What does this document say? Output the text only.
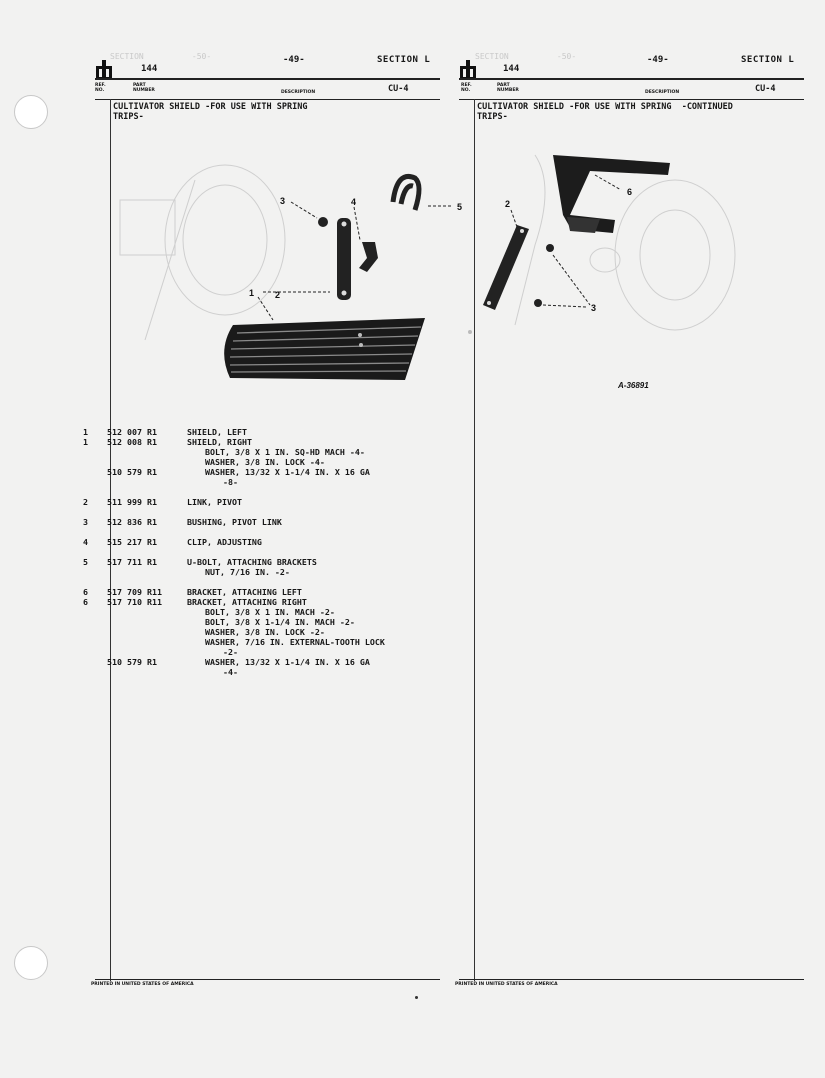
SECTION          -50-	SECTION          -50-
144
-49-	SECTION L
REF.
NO.
PART
NUMBER	DESCRIPTION	CU-4
CULTIVATOR SHIELD -FOR USE WITH SPRING
TRIPS-
1 512 007 R1	SHIELD, LEFT
1 512 008 R1	SHIELD, RIGHT
BOLT, 3/8 X 1 IN. SQ-HD MACH -4-
WASHER, 3/8 IN. LOCK -4-
510 579 R1	WASHER, 13/32 X 1-1/4 IN. X 16 GA
-8-
2 511 999 R1	LINK, PIVOT
3 512 836 R1	BUSHING, PIVOT LINK
4 515 217 R1	CLIP, ADJUSTING
5 517 711 R1	U-BOLT, ATTACHING BRACKETS
NUT, 7/16 IN. -2-
6 517 709 R11	BRACKET, ATTACHING LEFT
6 517 710 R11	BRACKET, ATTACHING RIGHT
BOLT, 3/8 X 1 IN. MACH -2-
BOLT, 3/8 X 1-1/4 IN. MACH -2-
WASHER, 3/8 IN. LOCK -2-
WASHER, 7/16 IN. EXTERNAL-TOOTH LOCK
-2-
510 579 R1	WASHER, 13/32 X 1-1/4 IN. X 16 GA
-4-
PRINTED IN UNITED STATES OF AMERICA
2
3	4	5
1
144
-49-	SECTION L
REF.
NO.
PART
NUMBER	DESCRIPTION	CU-4
CULTIVATOR SHIELD -FOR USE WITH SPRING  -CONTINUED
TRIPS-
PRINTED IN UNITED STATES OF AMERICA
2
6
3
A-36891
